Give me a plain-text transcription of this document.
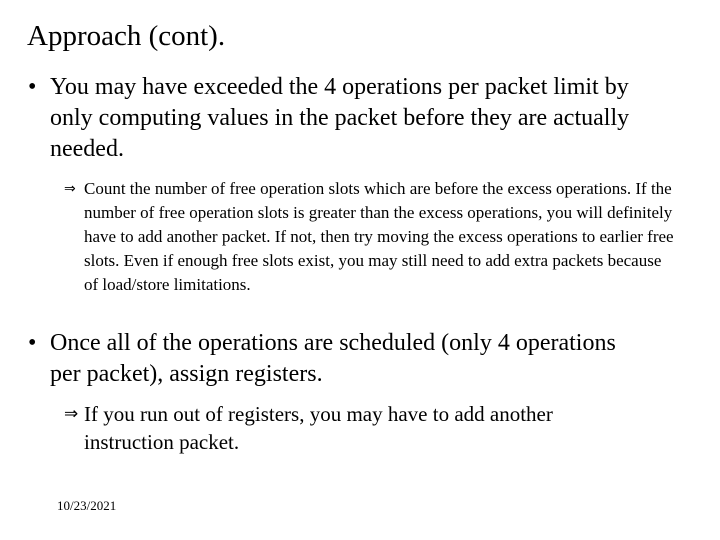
Approach (cont).
• You may have exceeded the 4 operations per packet limit by only computing values in the packet before they are actually needed.
⇒ Count the number of free operation slots which are before the excess operations. If the number of free operation slots is greater than the excess operations, you will definitely have to add another packet. If not, then try moving the excess operations to earlier free slots. Even if enough free slots exist, you may still need to add extra packets because of load/store limitations.
• Once all of the operations are scheduled (only 4 operations per packet), assign registers.
⇒ If you run out of registers, you may have to add another instruction packet.
10/23/2021
